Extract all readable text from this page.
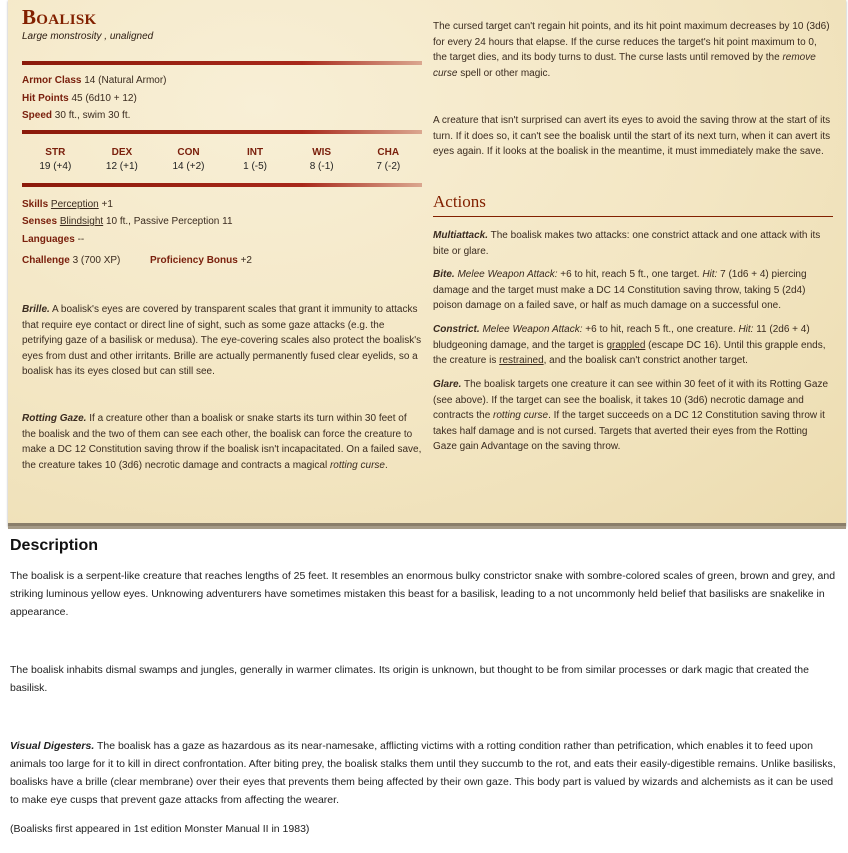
Boalisk
Large monstrosity , unaligned
Armor Class 14 (Natural Armor)
Hit Points 45 (6d10 + 12)
Speed 30 ft., swim 30 ft.
STR
19 (+4)
DEX
12 (+1)
CON
14 (+2)
INT
1 (-5)
WIS
8 (-1)
CHA
7 (-2)
Skills Perception +1
Senses Blindsight 10 ft., Passive Perception 11
Languages --
Challenge 3 (700 XP)	Proficiency Bonus +2
Brille. A boalisk's eyes are covered by transparent scales that grant it immunity to attacks that require eye contact or direct line of sight, such as some gaze attacks (e.g. the petrifying gaze of a basilisk or medusa). The eye-covering scales also protect the boalisk's eyes from dust and other irritants. Brille are actually permanently fused clear eyelids, so a boalisk has its eyes closed but can still see.
Rotting Gaze. If a creature other than a boalisk or snake starts its turn within 30 feet of the boalisk and the two of them can see each other, the boalisk can force the creature to make a DC 12 Constitution saving throw if the boalisk isn't incapacitated. On a failed save, the creature takes 10 (3d6) necrotic damage and contracts a magical rotting curse.
The cursed target can't regain hit points, and its hit point maximum decreases by 10 (3d6) for every 24 hours that elapse. If the curse reduces the target's hit point maximum to 0, the target dies, and its body turns to dust. The curse lasts until removed by the remove curse spell or other magic.
A creature that isn't surprised can avert its eyes to avoid the saving throw at the start of its turn. If it does so, it can't see the boalisk until the start of its next turn, when it can avert its eyes again. If it looks at the boalisk in the meantime, it must immediately make the save.
Actions
Multiattack. The boalisk makes two attacks: one constrict attack and one attack with its bite or glare.
Bite. Melee Weapon Attack: +6 to hit, reach 5 ft., one target. Hit: 7 (1d6 + 4) piercing damage and the target must make a DC 14 Constitution saving throw, taking 5 (2d4) poison damage on a failed save, or half as much damage on a successful one.
Constrict. Melee Weapon Attack: +6 to hit, reach 5 ft., one creature. Hit: 11 (2d6 + 4) bludgeoning damage, and the target is grappled (escape DC 16). Until this grapple ends, the creature is restrained, and the boalisk can't constrict another target.
Glare. The boalisk targets one creature it can see within 30 feet of it with its Rotting Gaze (see above). If the target can see the boalisk, it takes 10 (3d6) necrotic damage and contracts the rotting curse. If the target succeeds on a DC 12 Constitution saving throw it takes half damage and is not cursed. Targets that averted their eyes from the Rotting Gaze gain Advantage on the saving throw.
Description
The boalisk is a serpent-like creature that reaches lengths of 25 feet. It resembles an enormous bulky constrictor snake with sombre-colored scales of green, brown and grey, and striking luminous yellow eyes. Unknowing adventurers have sometimes mistaken this beast for a basilisk, leading to a not uncommonly held belief that basilisks are snakelike in appearance.
The boalisk inhabits dismal swamps and jungles, generally in warmer climates. Its origin is unknown, but thought to be from similar processes or dark magic that created the basilisk.
Visual Digesters. The boalisk has a gaze as hazardous as its near-namesake, afflicting victims with a rotting condition rather than petrification, which enables it to feed upon animals too large for it to kill in direct confrontation. After biting prey, the boalisk stalks them until they succumb to the rot, and eats their easily-digestible remains. Unlike basilisks, boalisks have a brille (clear membrane) over their eyes that prevents them being affected by their own gaze. This body part is valued by wizards and alchemists as it can be used to make eye cusps that prevent gaze attacks from affecting the wearer.
(Boalisks first appeared in 1st edition Monster Manual II in 1983)
